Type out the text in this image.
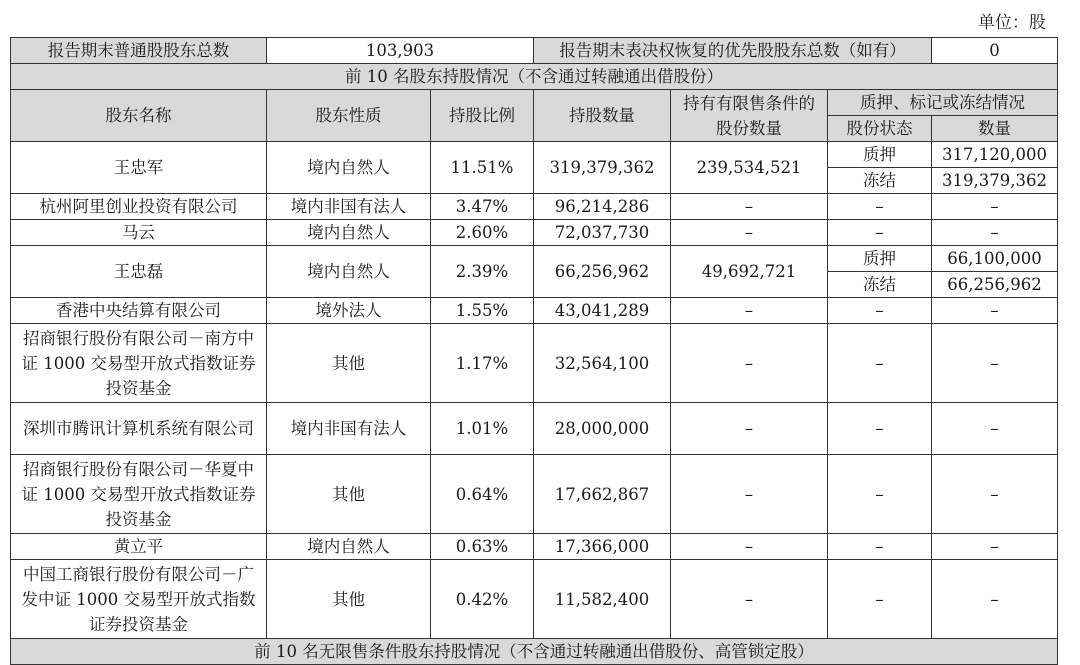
单位：股
报告期末普通股股东总数	103,903		报告期末表决权恢复的优先股股东总数（如有）			0
前 10 名股东持股情况（不含通过转融通出借股份）						
股东名称	股东性质	持股比例	持股数量	持有有限售条件的股份数量	质押、标记或冻结情况	
					股份状态	数量
王忠军	境内自然人	11.51%	319,379,362	239,534,521	质押	317,120,000
					冻结	319,379,362
杭州阿里创业投资有限公司	境内非国有法人	3.47%	96,214,286	–	–	–
马云	境内自然人	2.60%	72,037,730	–	–	–
王忠磊	境内自然人	2.39%	66,256,962	49,692,721	质押	66,100,000
					冻结	66,256,962
香港中央结算有限公司	境外法人	1.55%	43,041,289	–	–	–
招商银行股份有限公司－南方中证 1000 交易型开放式指数证券投资基金	其他	1.17%	32,564,100	–	–	–
深圳市腾讯计算机系统有限公司	境内非国有法人	1.01%	28,000,000	–	–	–
招商银行股份有限公司－华夏中证 1000 交易型开放式指数证券投资基金	其他	0.64%	17,662,867	–	–	–
黄立平	境内自然人	0.63%	17,366,000	–	–	–
中国工商银行股份有限公司－广发中证 1000 交易型开放式指数证券投资基金	其他	0.42%	11,582,400	–	–	–
前 10 名无限售条件股东持股情况（不含通过转融通出借股份、高管锁定股）						
